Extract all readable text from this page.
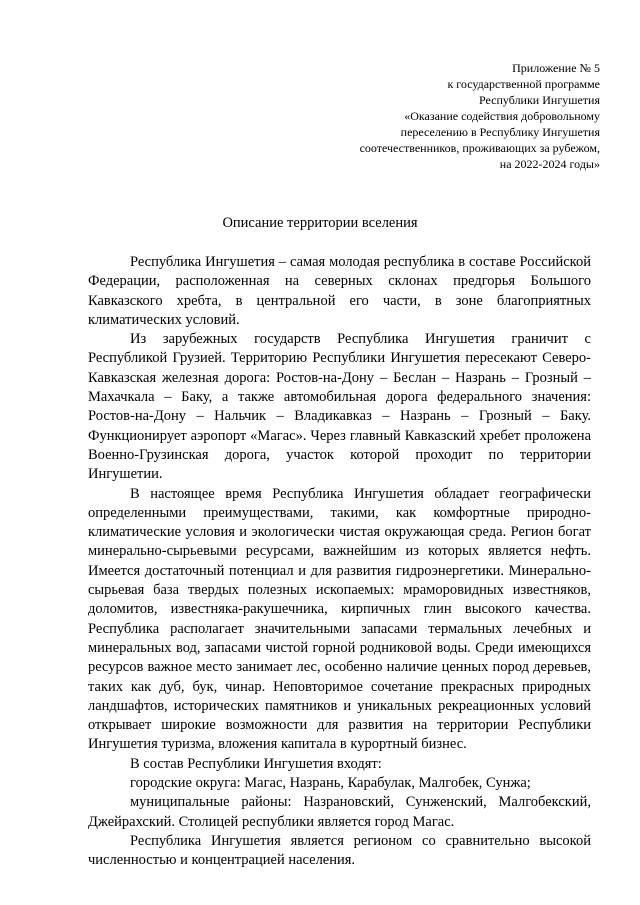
Приложение № 5
к государственной программе
Республики Ингушетия
«Оказание содействия добровольному
переселению в Республику Ингушетия
соотечественников, проживающих за рубежом,
на 2022-2024 годы»
Описание территории вселения

Республика Ингушетия – самая молодая республика в составе Российской Федерации, расположенная на северных склонах предгорья Большого Кавказского хребта, в центральной его части, в зоне благоприятных климатических условий.

Из зарубежных государств Республика Ингушетия граничит с Республикой Грузией. Территорию Республики Ингушетия пересекают Северо-Кавказская железная дорога: Ростов-на-Дону – Беслан – Назрань – Грозный – Махачкала – Баку, а также автомобильная дорога федерального значения: Ростов-на-Дону – Нальчик – Владикавказ – Назрань – Грозный – Баку. Функционирует аэропорт «Магас». Через главный Кавказский хребет проложена Военно-Грузинская дорога, участок которой проходит по территории Ингушетии.

В настоящее время Республика Ингушетия обладает географически определенными преимуществами, такими, как комфортные природно-климатические условия и экологически чистая окружающая среда. Регион богат минерально-сырьевыми ресурсами, важнейшим из которых является нефть. Имеется достаточный потенциал и для развития гидроэнергетики. Минерально-сырьевая база твердых полезных ископаемых: мраморовидных известняков, доломитов, известняка-ракушечника, кирпичных глин высокого качества. Республика располагает значительными запасами термальных лечебных и минеральных вод, запасами чистой горной родниковой воды. Среди имеющихся ресурсов важное место занимает лес, особенно наличие ценных пород деревьев, таких как дуб, бук, чинар. Неповторимое сочетание прекрасных природных ландшафтов, исторических памятников и уникальных рекреационных условий открывает широкие возможности для развития на территории Республики Ингушетия туризма, вложения капитала в курортный бизнес.

В состав Республики Ингушетия входят:

городские округа: Магас, Назрань, Карабулак, Малгобек, Сунжа;

муниципальные районы: Назрановский, Сунженский, Малгобекский, Джейрахский. Столицей республики является город Магас.

Республика Ингушетия является регионом со сравнительно высокой численностью и концентрацией населения.
